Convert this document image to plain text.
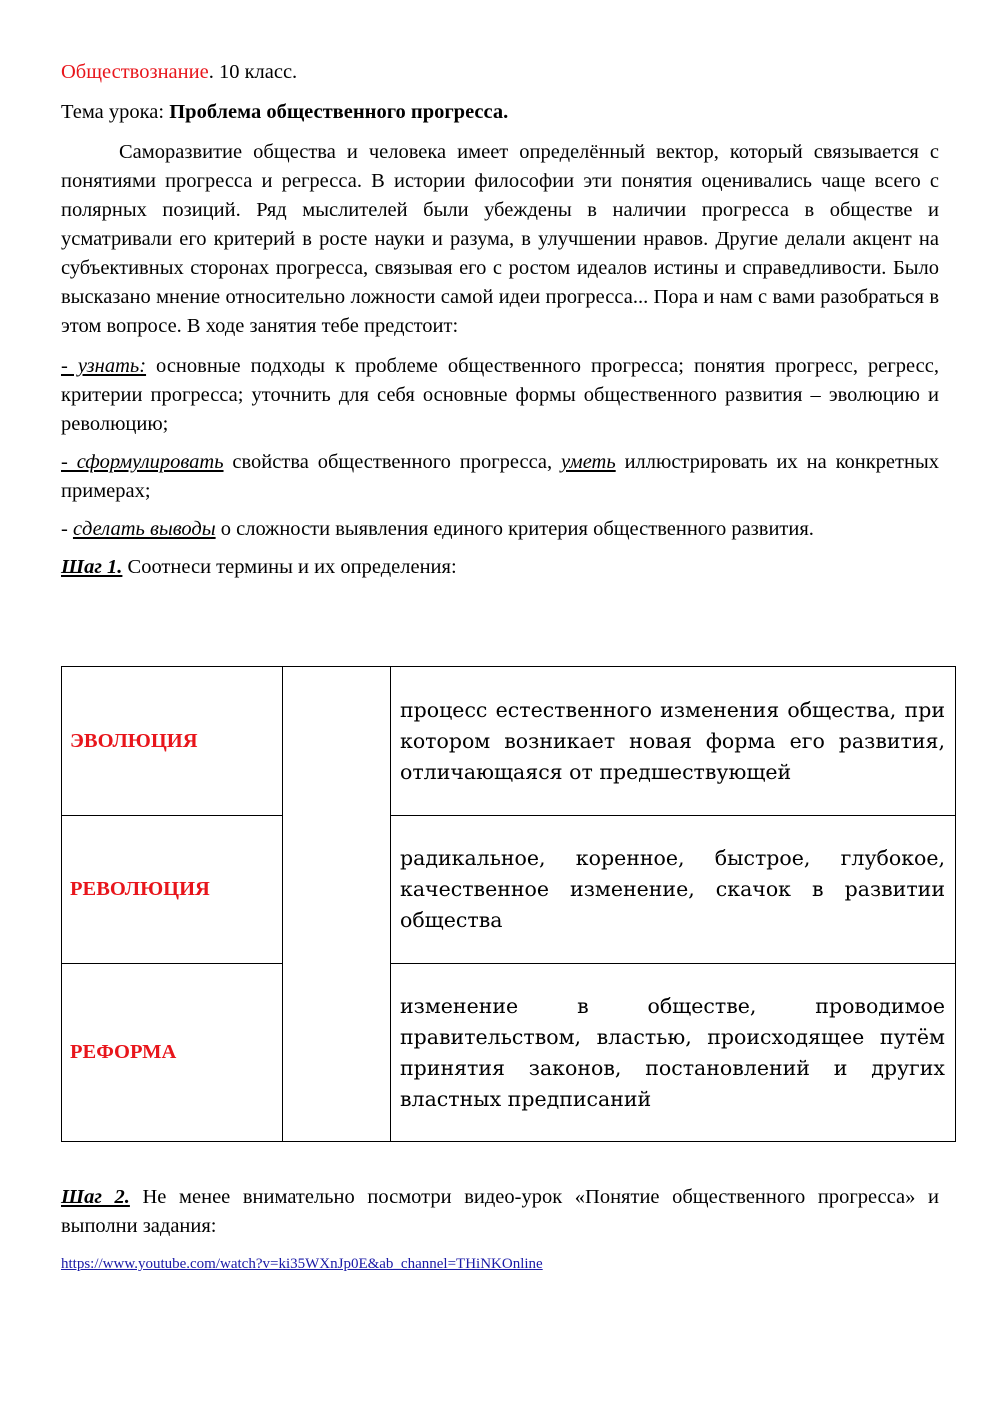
Обществознание. 10 класс.

Тема урока: Проблема общественного прогресса.

Саморазвитие общества и человека имеет определённый вектор, который связывается с понятиями прогресса и регресса. В истории философии эти понятия оценивались чаще всего с полярных позиций. Ряд мыслителей были убеждены в наличии прогресса в обществе и усматривали его критерий в росте науки и разума, в улучшении нравов. Другие делали акцент на субъективных сторонах прогресса, связывая его с ростом идеалов истины и справедливости. Было высказано мнение относительно ложности самой идеи прогресса... Пора и нам с вами разобраться в этом вопросе. В ходе занятия тебе предстоит:

- узнать: основные подходы к проблеме общественного прогресса; понятия прогресс, регресс, критерии прогресса; уточнить для себя основные формы общественного развития – эволюцию и революцию;

- сформулировать свойства общественного прогресса, уметь иллюстрировать их на конкретных примерах;

- сделать выводы о сложности выявления единого критерия общественного развития.

Шаг 1. Соотнеси термины и их определения:

ЭВОЛЮЦИЯ		процесс естественного изменения общества, при котором возникает новая форма его развития, отличающаяся от предшествующей
РЕВОЛЮЦИЯ		радикальное, коренное, быстрое, глубокое, качественное изменение, скачок в развитии общества
РЕФОРМА		изменение в обществе, проводимое правительством, властью, происходящее путём принятия законов, постановлений и других властных предписаний

Шаг 2. Не менее внимательно посмотри видео-урок «Понятие общественного прогресса» и выполни задания:

https://www.youtube.com/watch?v=ki35WXnJp0E&ab_channel=THiNKOnline
